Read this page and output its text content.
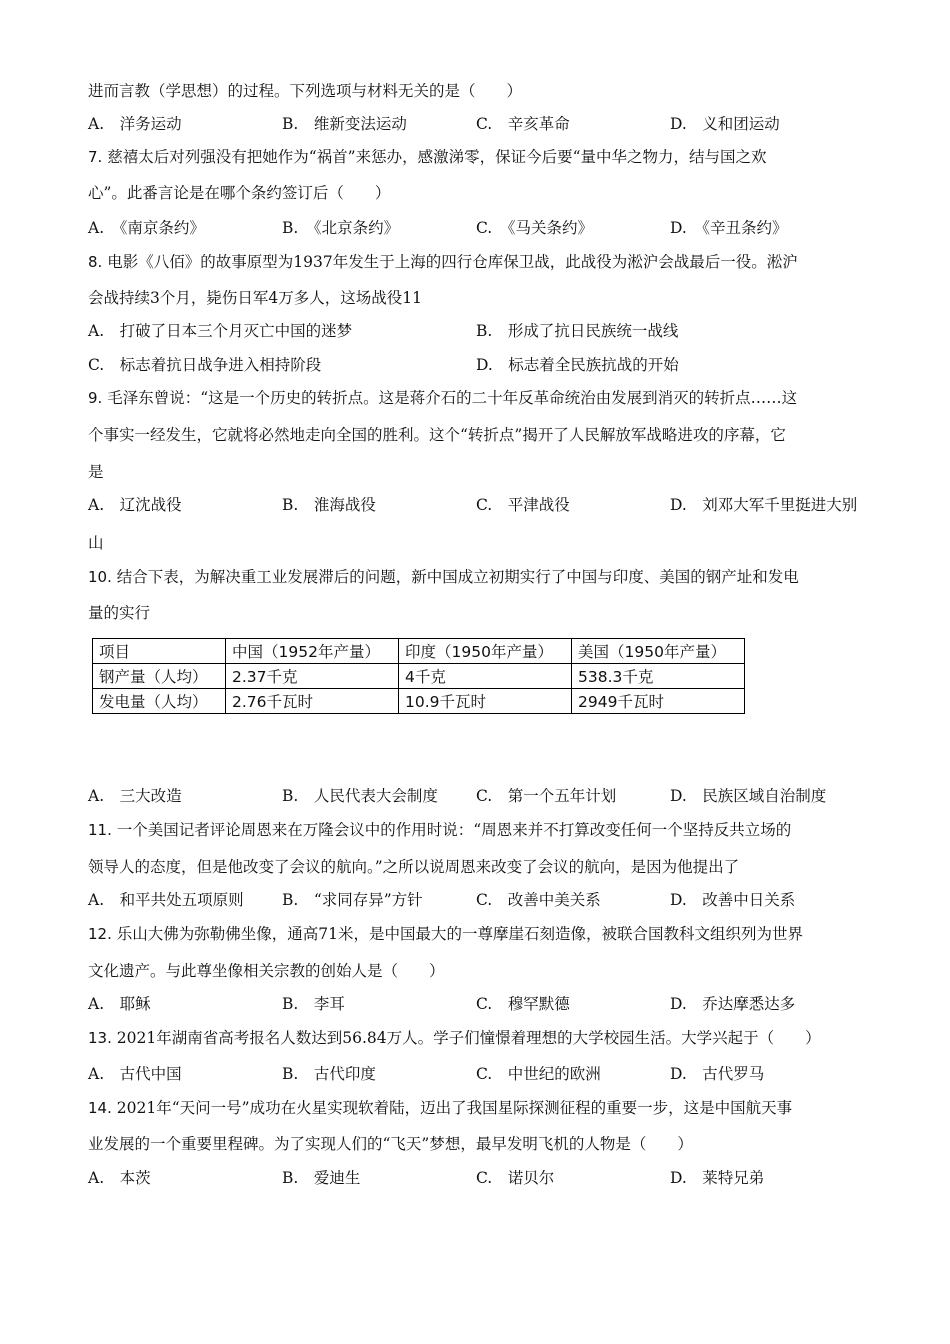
进而言教（学思想）的过程。下列选项与材料无关的是（　　）
A.　洋务运动	B.　维新变法运动	C.　辛亥革命	D.　义和团运动
7. 慈禧太后对列强没有把她作为“祸首”来惩办，感激涕零，保证今后要“量中华之物力，结与国之欢
心”。此番言论是在哪个条约签订后（　　）
A.　《南京条约》	B.　《北京条约》	C.　《马关条约》	D.　《辛丑条约》
8. 电影《八佰》的故事原型为1937年发生于上海的四行仓库保卫战，此战役为淞沪会战最后一役。淞沪
会战持续3个月，毙伤日军4万多人，这场战役11
A.　打破了日本三个月灭亡中国的迷梦	B.　形成了抗日民族统一战线
C.　标志着抗日战争进入相持阶段	D.　标志着全民族抗战的开始
9. 毛泽东曾说：“这是一个历史的转折点。这是蒋介石的二十年反革命统治由发展到消灭的转折点……这
个事实一经发生，它就将必然地走向全国的胜利。这个“转折点”揭开了人民解放军战略进攻的序幕，它
是
A.　辽沈战役	B.　淮海战役	C.　平津战役	D.　刘邓大军千里挺进大别
山
10. 结合下表，为解决重工业发展滞后的问题，新中国成立初期实行了中国与印度、美国的钢产址和发电
量的实行
项目	中国（1952年产量）	印度（1950年产量）	美国（1950年产量）
钢产量（人均）	2.37千克	4千克	538.3千克
发电量（人均）	2.76千瓦时	10.9千瓦时	2949千瓦时
A.　三大改造	B.　人民代表大会制度 C.　第一个五年计划	D.　民族区域自治制度
11. 一个美国记者评论周恩来在万隆会议中的作用时说：“周恩来并不打算改变任何一个坚持反共立场的
领导人的态度，但是他改变了会议的航向。”之所以说周恩来改变了会议的航向，是因为他提出了
A.　和平共处五项原则 B.　“求同存异”方针	C.　改善中美关系	D.　改善中日关系
12. 乐山大佛为弥勒佛坐像，通高71米，是中国最大的一尊摩崖石刻造像，被联合国教科文组织列为世界
文化遗产。与此尊坐像相关宗教的创始人是（　　）
A.　耶稣	B.　李耳	C.　穆罕默德	D.　乔达摩悉达多
13. 2021年湖南省高考报名人数达到56.84万人。学子们憧憬着理想的大学校园生活。大学兴起于（　　）
A.　古代中国	B.　古代印度	C.　中世纪的欧洲	D.　古代罗马
14. 2021年“天问一号”成功在火星实现软着陆，迈出了我国星际探测征程的重要一步，这是中国航天事
业发展的一个重要里程碑。为了实现人们的“飞天”梦想，最早发明飞机的人物是（　　）
A.　本茨	B.　爱迪生	C.　诺贝尔	D.　莱特兄弟
